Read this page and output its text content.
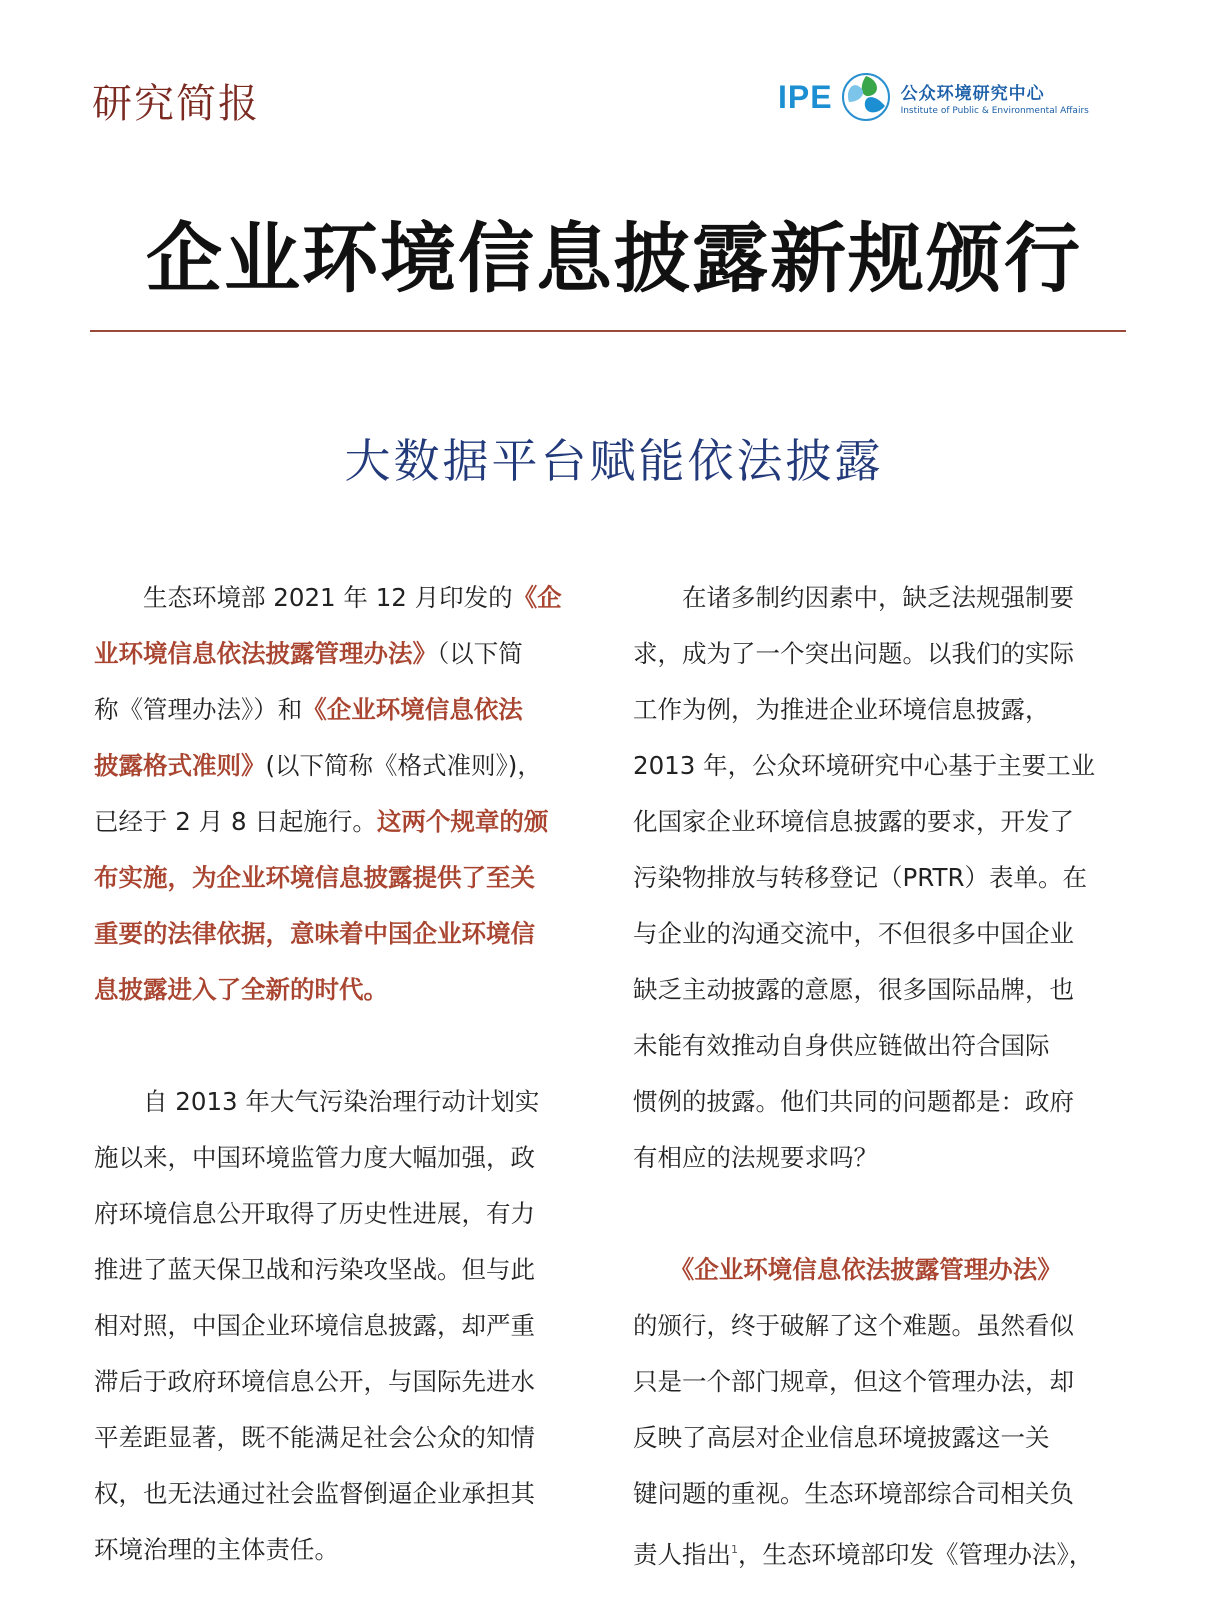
研究简报	IPE	公众环境研究中心
Institute of Public & Environmental Affairs
企业环境信息披露新规颁行
大数据平台赋能依法披露
　　生态环境部 2021 年 12 月印发的《企
业环境信息依法披露管理办法》（以下简
称《管理办法》）和《企业环境信息依法
披露格式准则》(以下简称《格式准则》)，
已经于 2 月 8 日起施行。这两个规章的颁
布实施，为企业环境信息披露提供了至关
重要的法律依据，意味着中国企业环境信
息披露进入了全新的时代。
　　自 2013 年大气污染治理行动计划实
施以来，中国环境监管力度大幅加强，政
府环境信息公开取得了历史性进展，有力
推进了蓝天保卫战和污染攻坚战。但与此
相对照，中国企业环境信息披露，却严重
滞后于政府环境信息公开，与国际先进水
平差距显著，既不能满足社会公众的知情
权，也无法通过社会监督倒逼企业承担其
环境治理的主体责任。
　　在诸多制约因素中，缺乏法规强制要
求，成为了一个突出问题。以我们的实际
工作为例，为推进企业环境信息披露，
2013 年，公众环境研究中心基于主要工业
化国家企业环境信息披露的要求，开发了
污染物排放与转移登记（PRTR）表单。在
与企业的沟通交流中，不但很多中国企业
缺乏主动披露的意愿，很多国际品牌，也
未能有效推动自身供应链做出符合国际
惯例的披露。他们共同的问题都是：政府
有相应的法规要求吗？
　　《企业环境信息依法披露管理办法》
的颁行，终于破解了这个难题。虽然看似
只是一个部门规章，但这个管理办法，却
反映了高层对企业信息环境披露这一关
键问题的重视。生态环境部综合司相关负
责人指出$^1$，生态环境部印发《管理办法》，
